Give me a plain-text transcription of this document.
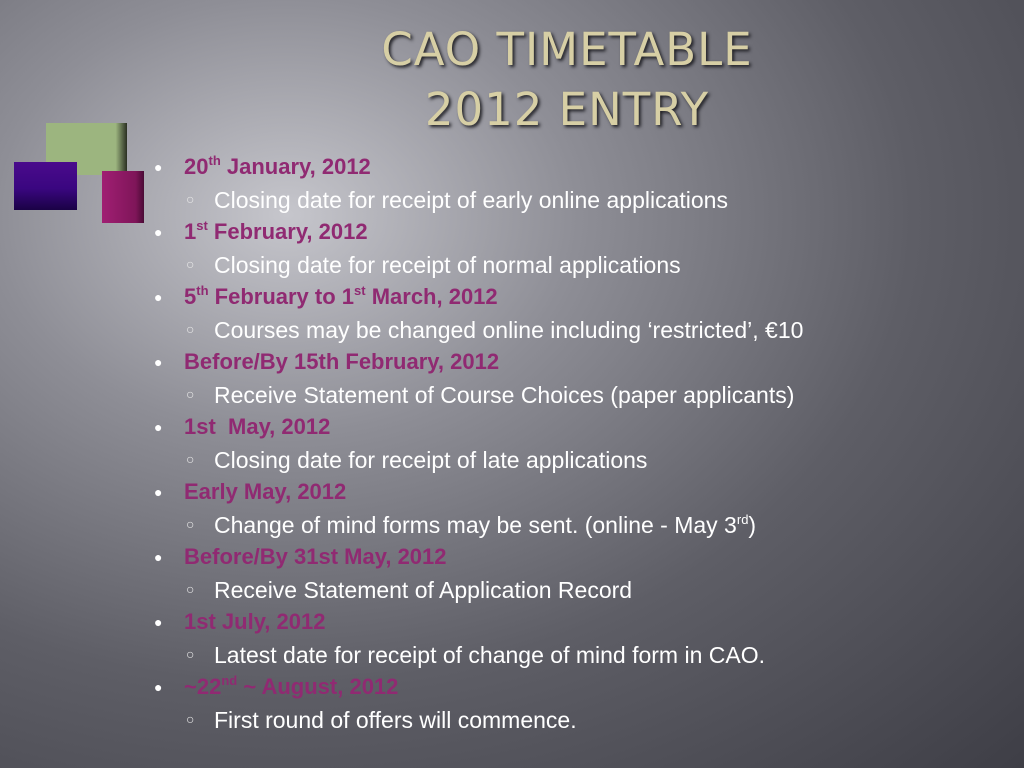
CAO TIMETABLE
2012 ENTRY
● 20th January, 2012
○ Closing date for receipt of early online applications
● 1st February, 2012
○ Closing date for receipt of normal applications
● 5th February to 1st March, 2012
○ Courses may be changed online including ‘restricted’, €10
● Before/By 15th February, 2012
○ Receive Statement of Course Choices (paper applicants)
● 1st  May, 2012
○ Closing date for receipt of late applications
● Early May, 2012
○ Change of mind forms may be sent. (online - May 3rd)
● Before/By 31st May, 2012
○ Receive Statement of Application Record
● 1st July, 2012
○ Latest date for receipt of change of mind form in CAO.
● ~22nd ~ August, 2012
○ First round of offers will commence.
